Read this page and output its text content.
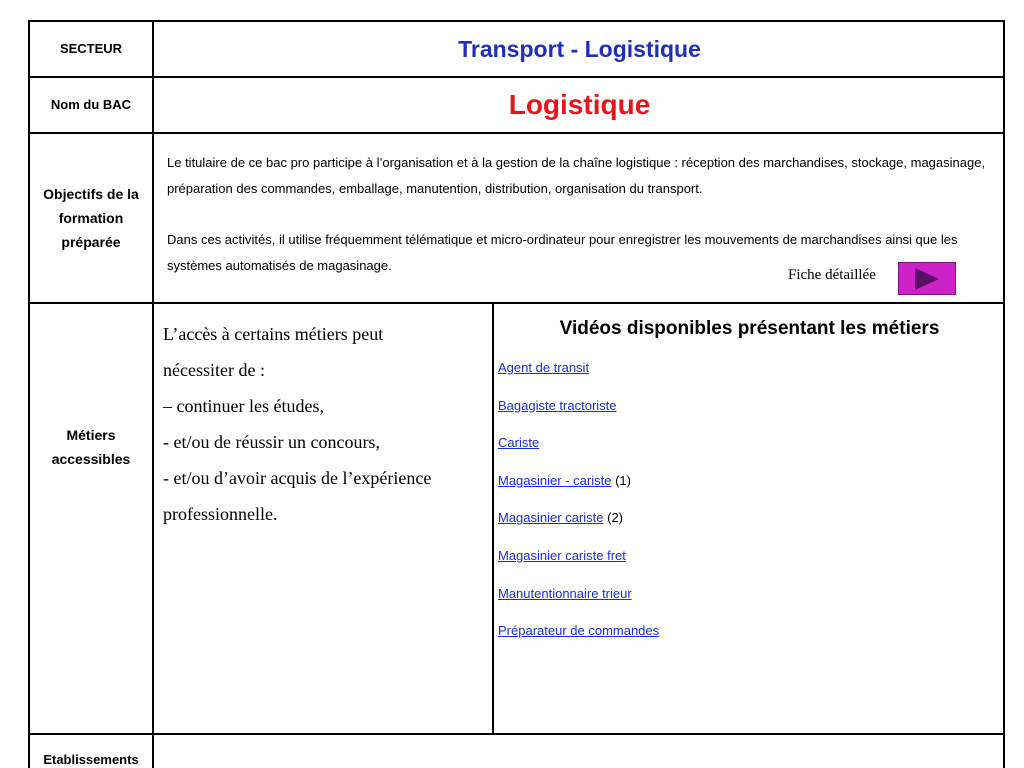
SECTEUR	Transport - Logistique
Nom du BAC	Logistique
Objectifs de la
formation
préparée

Le titulaire de ce bac pro participe à l’organisation et à la gestion de la chaîne logistique : réception des marchandises, stockage, magasinage, préparation des commandes, emballage, manutention, distribution, organisation du transport.

Dans ces activités, il utilise fréquemment télématique et micro-ordinateur pour enregistrer les mouvements de marchandises ainsi que les systèmes automatisés de magasinage.

Fiche détaillée
Métiers
accessibles
L’accès à certains métiers peut
nécessiter de :
– continuer les études,
- et/ou de réussir un concours,
- et/ou d’avoir acquis de l’expérience
professionnelle.
Vidéos disponibles présentant les métiers
Agent de transit
Bagagiste tractoriste
Cariste
Magasinier - cariste (1)
Magasinier cariste (2)
Magasinier cariste fret
Manutentionnaire trieur
Préparateur de commandes
Etablissements
